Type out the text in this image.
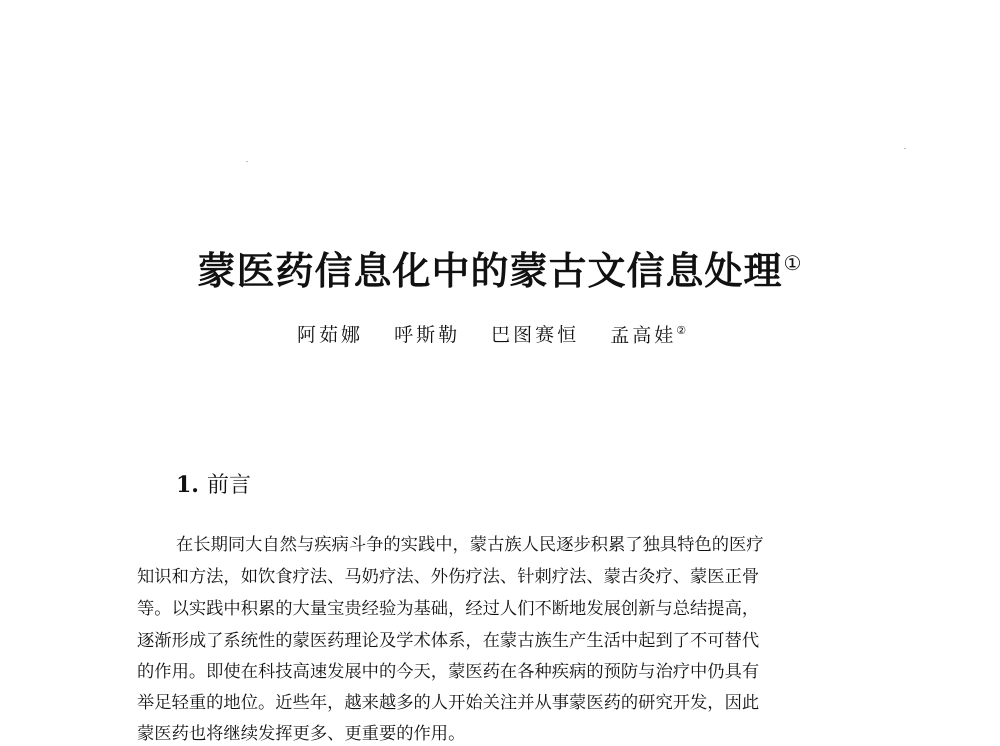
蒙医药信息化中的蒙古文信息处理①
阿茹娜 呼斯勒 巴图赛恒 孟高娃②
1. 前言
在长期同大自然与疾病斗争的实践中，蒙古族人民逐步积累了独具特色的医疗
知识和方法，如饮食疗法、马奶疗法、外伤疗法、针刺疗法、蒙古灸疗、蒙医正骨
等。以实践中积累的大量宝贵经验为基础，经过人们不断地发展创新与总结提高，
逐渐形成了系统性的蒙医药理论及学术体系，在蒙古族生产生活中起到了不可替代
的作用。即使在科技高速发展中的今天，蒙医药在各种疾病的预防与治疗中仍具有
举足轻重的地位。近些年，越来越多的人开始关注并从事蒙医药的研究开发，因此
蒙医药也将继续发挥更多、更重要的作用。
